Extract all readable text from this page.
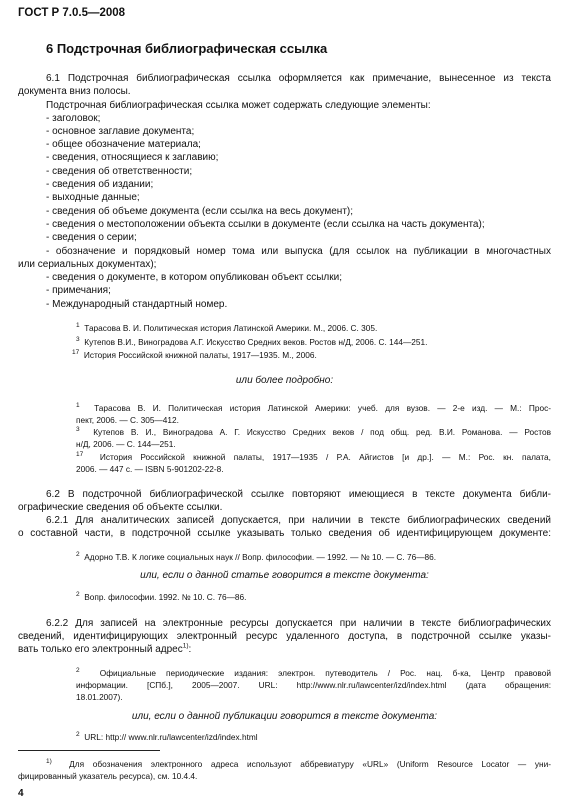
ГОСТ Р 7.0.5—2008
6 Подстрочная библиографическая ссылка
6.1 Подстрочная библиографическая ссылка оформляется как примечание, вынесенное из текста
документа вниз полосы.
Подстрочная библиографическая ссылка может содержать следующие элементы:
- заголовок;
- основное заглавие документа;
- общее обозначение материала;
- сведения, относящиеся к заглавию;
- сведения об ответственности;
- сведения об издании;
- выходные данные;
- сведения об объеме документа (если ссылка на весь документ);
- сведения о местоположении объекта ссылки в документе (если ссылка на часть документа);
- сведения о серии;
- обозначение и порядковый номер тома или выпуска (для ссылок на публикации в многочастных
или сериальных документах);
- сведения о документе, в котором опубликован объект ссылки;
- примечания;
- Международный стандартный номер.
$^1$ Тарасова В. И. Политическая история Латинской Америки. М., 2006. С. 305.
$^3$ Кутепов В.И., Виноградова А.Г. Искусство Средних веков. Ростов н/Д, 2006. С. 144—251.
$^{17}$ История Российской книжной палаты, 1917—1935. М., 2006.
или более подробно:
$^1$ Тарасова В. И. Политическая история Латинской Америки: учеб. для вузов. — 2-е изд. — М.: Прос-
пект, 2006. — С. 305—412.
$^3$ Кутепов В. И., Виноградова А. Г. Искусство Средних веков / под общ. ред. В.И. Романова. — Ростов
н/Д, 2006. — С. 144—251.
$^{17}$ История Российской книжной палаты, 1917—1935 / Р.А. Айгистов [и др.]. — М.: Рос. кн. палата,
2006. — 447 с. — ISBN 5-901202-22-8.
6.2 В подстрочной библиографической ссылке повторяют имеющиеся в тексте документа библи-
ографические сведения об объекте ссылки.
6.2.1 Для аналитических записей допускается, при наличии в тексте библиографических сведений
о составной части, в подстрочной ссылке указывать только сведения об идентифицирующем документе:
$^2$ Адорно Т.В. К логике социальных наук // Вопр. философии. — 1992. — № 10. — С. 76—86.
или, если о данной статье говорится в тексте документа:
$^2$ Вопр. философии. 1992. № 10. С. 76—86.
6.2.2 Для записей на электронные ресурсы допускается при наличии в тексте библиографических
сведений, идентифицирующих электронный ресурс удаленного доступа, в подстрочной ссылке указы-
вать только его электронный адрес$^{1)}$:
$^2$ Официальные периодические издания: электрон. путеводитель / Рос. нац. б-ка, Центр правовой
информации. [СПб.], 2005—2007. URL: http://www.nlr.ru/lawcenter/izd/index.html (дата обращения:
18.01.2007).
или, если о данной публикации говорится в тексте документа:
$^2$ URL: http:// www.nlr.ru/lawcenter/izd/index.html
$^{1)}$ Для обозначения электронного адреса используют аббревиатуру «URL» (Uniform Resource Locator — уни-
фицированный указатель ресурса), см. 10.4.4.
4
